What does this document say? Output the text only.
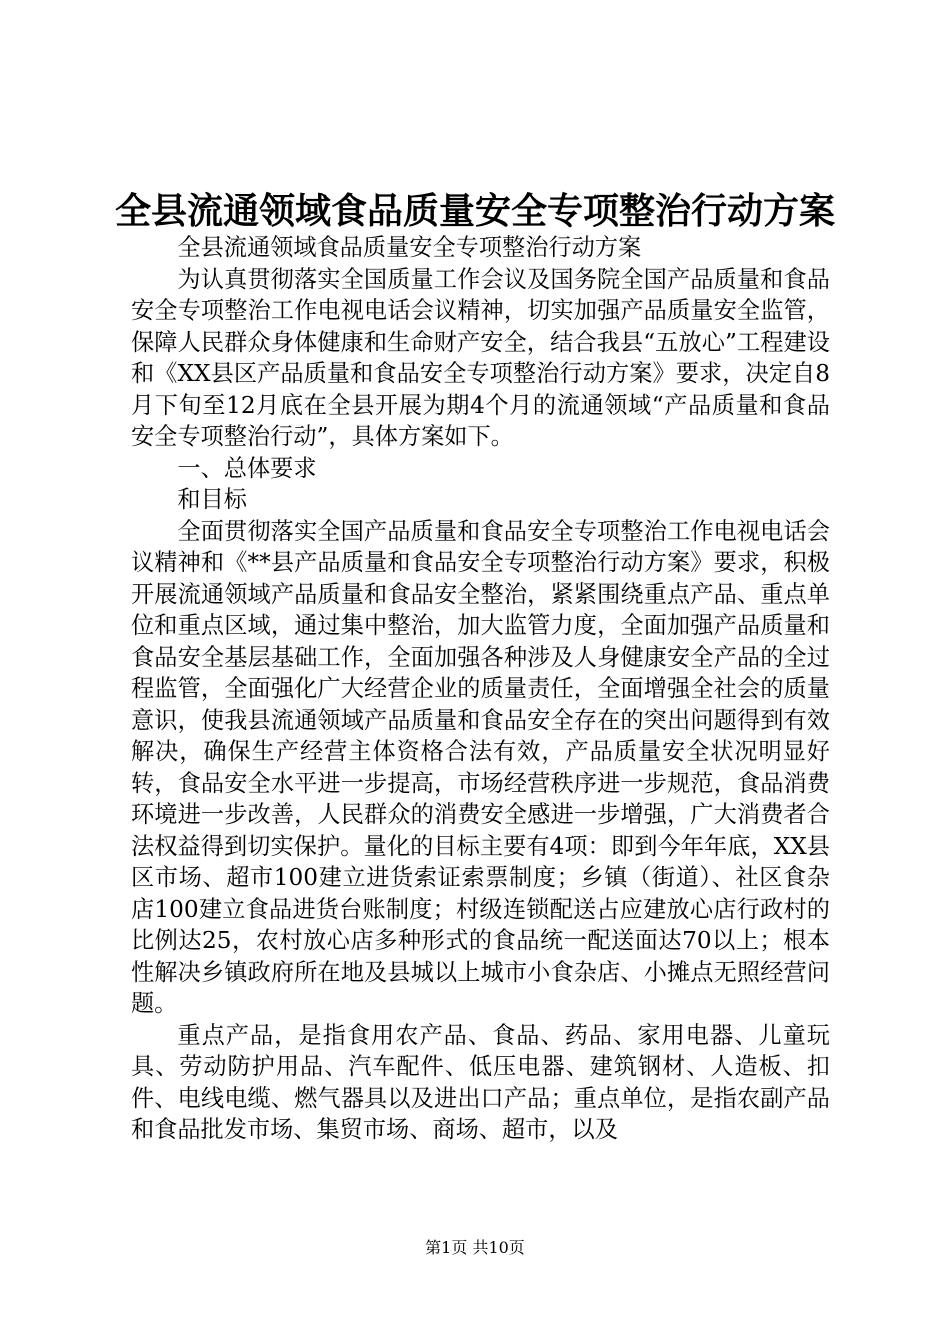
全县流通领域食品质量安全专项整治行动方案

全县流通领域食品质量安全专项整治行动方案

为认真贯彻落实全国质量工作会议及国务院全国产品质量和食品安全专项整治工作电视电话会议精神，切实加强产品质量安全监管，保障人民群众身体健康和生命财产安全，结合我县“五放心”工程建设和《XX县区产品质量和食品安全专项整治行动方案》要求，决定自8月下旬至12月底在全县开展为期4个月的流通领域“产品质量和食品安全专项整治行动”，具体方案如下。

一、总体要求

和目标

全面贯彻落实全国产品质量和食品安全专项整治工作电视电话会议精神和《**县产品质量和食品安全专项整治行动方案》要求，积极开展流通领域产品质量和食品安全整治，紧紧围绕重点产品、重点单位和重点区域，通过集中整治，加大监管力度，全面加强产品质量和食品安全基层基础工作，全面加强各种涉及人身健康安全产品的全过程监管，全面强化广大经营企业的质量责任，全面增强全社会的质量意识，使我县流通领域产品质量和食品安全存在的突出问题得到有效解决，确保生产经营主体资格合法有效，产品质量安全状况明显好转，食品安全水平进一步提高，市场经营秩序进一步规范，食品消费环境进一步改善，人民群众的消费安全感进一步增强，广大消费者合法权益得到切实保护。量化的目标主要有4项：即到今年年底，XX县区市场、超市100建立进货索证索票制度；乡镇（街道）、社区食杂店100建立食品进货台账制度；村级连锁配送占应建放心店行政村的比例达25，农村放心店多种形式的食品统一配送面达70以上；根本性解决乡镇政府所在地及县城以上城市小食杂店、小摊点无照经营问题。

重点产品，是指食用农产品、食品、药品、家用电器、儿童玩具、劳动防护用品、汽车配件、低压电器、建筑钢材、人造板、扣件、电线电缆、燃气器具以及进出口产品；重点单位，是指农副产品和食品批发市场、集贸市场、商场、超市，以及

第1页 共10页
